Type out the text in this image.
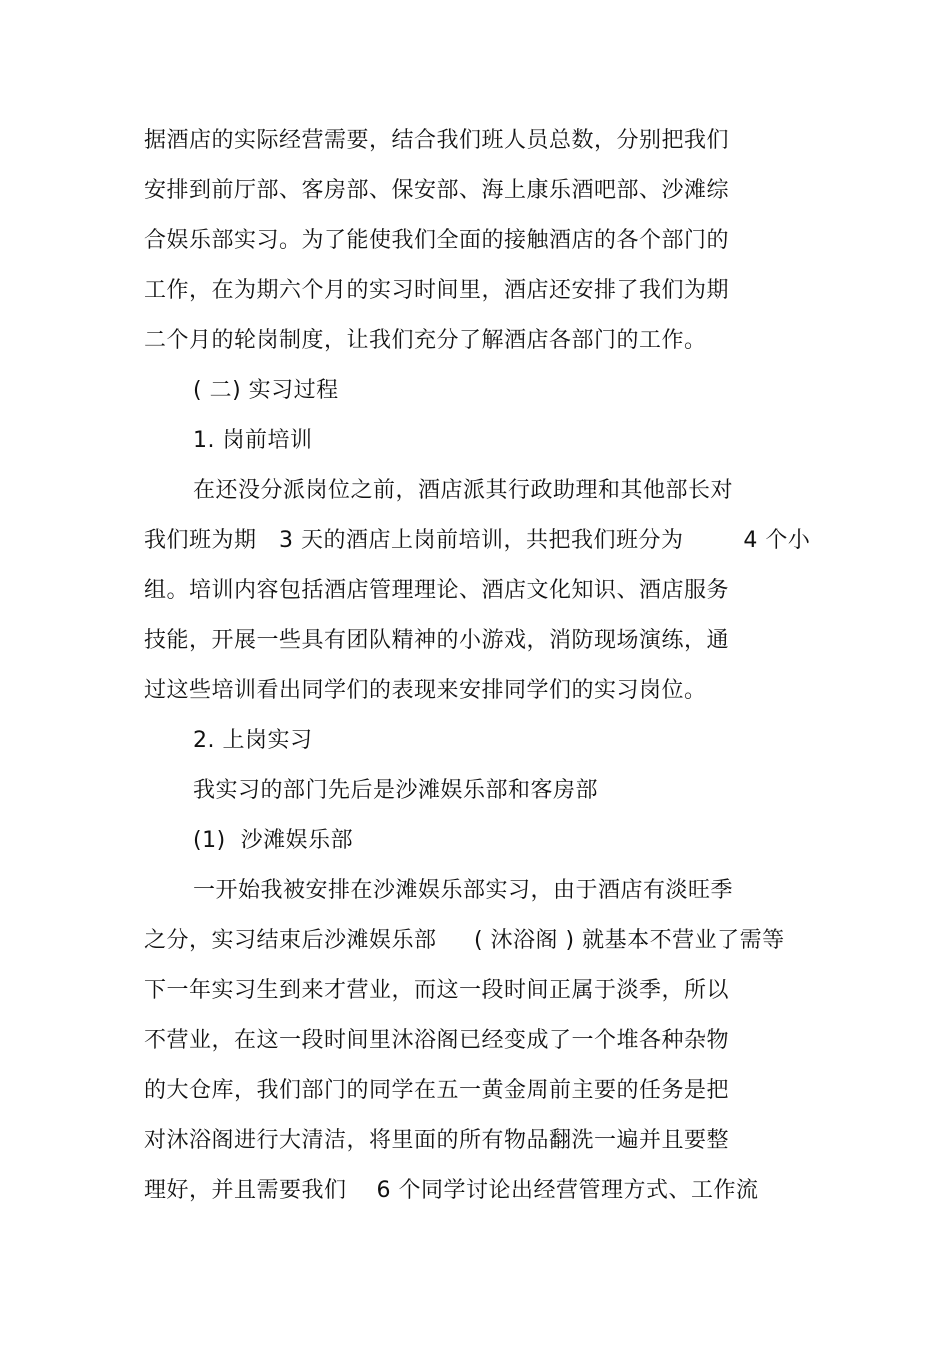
据酒店的实际经营需要，结合我们班人员总数，分别把我们
安排到前厅部、客房部、保安部、海上康乐酒吧部、沙滩综
合娱乐部实习。为了能使我们全面的接触酒店的各个部门的
工作，在为期六个月的实习时间里，酒店还安排了我们为期
二个月的轮岗制度，让我们充分了解酒店各部门的工作。
( 二) 实习过程
1. 岗前培训
在还没分派岗位之前，酒店派其行政助理和其他部长对
我们班为期   3 天的酒店上岗前培训，共把我们班分为        4 个小
组。培训内容包括酒店管理理论、酒店文化知识、酒店服务
技能，开展一些具有团队精神的小游戏，消防现场演练，通
过这些培训看出同学们的表现来安排同学们的实习岗位。
2. 上岗实习
我实习的部门先后是沙滩娱乐部和客房部
(1)  沙滩娱乐部
一开始我被安排在沙滩娱乐部实习，由于酒店有淡旺季
之分，实习结束后沙滩娱乐部     ( 沐浴阁 ) 就基本不营业了需等
下一年实习生到来才营业，而这一段时间正属于淡季，所以
不营业，在这一段时间里沐浴阁已经变成了一个堆各种杂物
的大仓库，我们部门的同学在五一黄金周前主要的任务是把
对沐浴阁进行大清洁，将里面的所有物品翻洗一遍并且要整
理好，并且需要我们    6 个同学讨论出经营管理方式、工作流
